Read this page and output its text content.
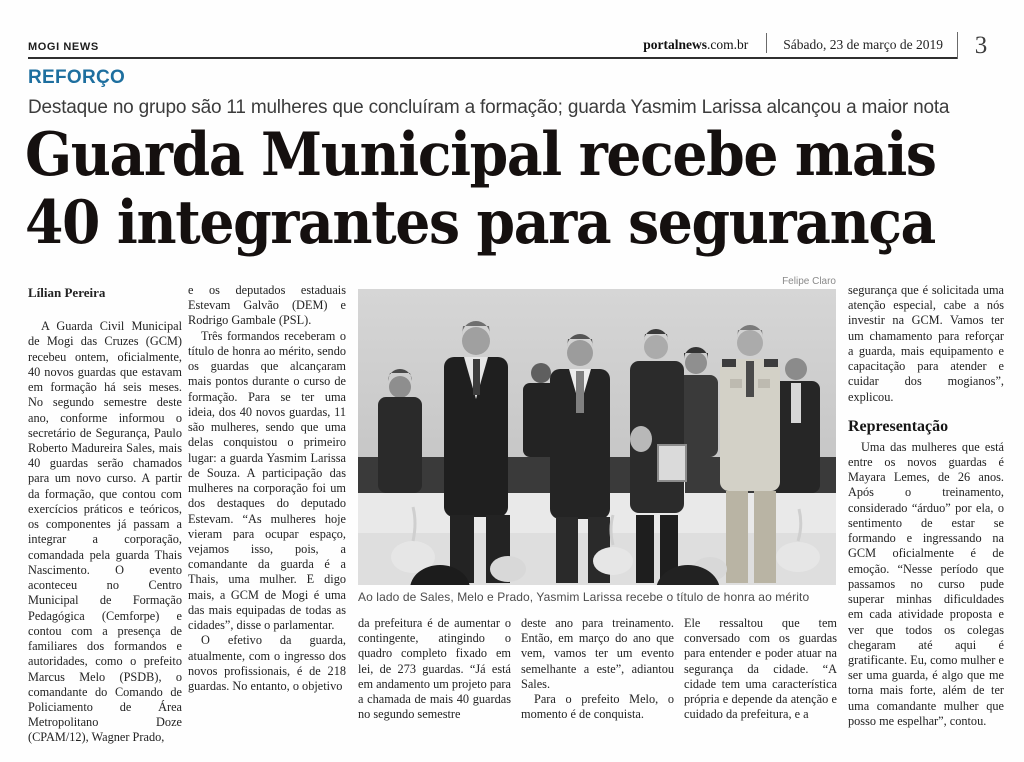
MOGI NEWS	portalnews.com.br	Sábado, 23 de março de 2019	3
REFORÇO
Destaque no grupo são 11 mulheres que concluíram a formação; guarda Yasmim Larissa alcançou a maior nota
Guarda Municipal recebe mais
40 integrantes para segurança
Lílian Pereira

A Guarda Civil Municipal de Mogi das Cruzes (GCM) recebeu ontem, oficialmente, 40 novos guardas que estavam em formação há seis meses. No segundo semestre deste ano, conforme informou o secretário de Segurança, Paulo Roberto Madureira Sales, mais 40 guardas serão chamados para um novo curso. A partir da formação, que contou com exercícios práticos e teóricos, os componentes já passam a integrar a corporação, comandada pela guarda Thais Nascimento. O evento aconteceu no Centro Municipal de Formação Pedagógica (Cemforpe) e contou com a presença de familiares dos formandos e autoridades, como o prefeito Marcus Melo (PSDB), o comandante do Comando de Policiamento de Área Metropolitano Doze (CPAM/12), Wagner Prado,

e os deputados estaduais Estevam Galvão (DEM) e Rodrigo Gambale (PSL).

Três formandos receberam o título de honra ao mérito, sendo os guardas que alcançaram mais pontos durante o curso de formação. Para se ter uma ideia, dos 40 novos guardas, 11 são mulheres, sendo que uma delas conquistou o primeiro lugar: a guarda Yasmim Larissa de Souza. A participação das mulheres na corporação foi um dos destaques do deputado Estevam. “As mulheres hoje vieram para ocupar espaço, vejamos isso, pois, a comandante da guarda é a Thais, uma mulher. E digo mais, a GCM de Mogi é uma das mais equipadas de todas as cidades”, disse o parlamentar.

O efetivo da guarda, atualmente, com o ingresso dos novos profissionais, é de 218 guardas. No entanto, o objetivo

Felipe Claro
Ao lado de Sales, Melo e Prado, Yasmim Larissa recebe o título de honra ao mérito

da prefeitura é de aumentar o contingente, atingindo o quadro completo fixado em lei, de 273 guardas. “Já está em andamento um projeto para a chamada de mais 40 guardas no segundo semestre

deste ano para treinamento. Então, em março do ano que vem, vamos ter um evento semelhante a este”, adiantou Sales.

Para o prefeito Melo, o momento é de conquista.

Ele ressaltou que tem conversado com os guardas para entender e poder atuar na segurança da cidade. “A cidade tem uma característica própria e depende da atenção e cuidado da prefeitura, e a

segurança que é solicitada uma atenção especial, cabe a nós investir na GCM. Vamos ter um chamamento para reforçar a guarda, mais equipamento e capacitação para atender e cuidar dos mogianos”, explicou.

Representação

Uma das mulheres que está entre os novos guardas é Mayara Lemes, de 26 anos. Após o treinamento, considerado “árduo” por ela, o sentimento de estar se formando e ingressando na GCM oficialmente é de emoção. “Nesse período que passamos no curso pude superar minhas dificuldades em cada atividade proposta e ver que todos os colegas chegaram até aqui é gratificante. Eu, como mulher e ser uma guarda, é algo que me torna mais forte, além de ter uma comandante mulher que posso me espelhar”, contou.
